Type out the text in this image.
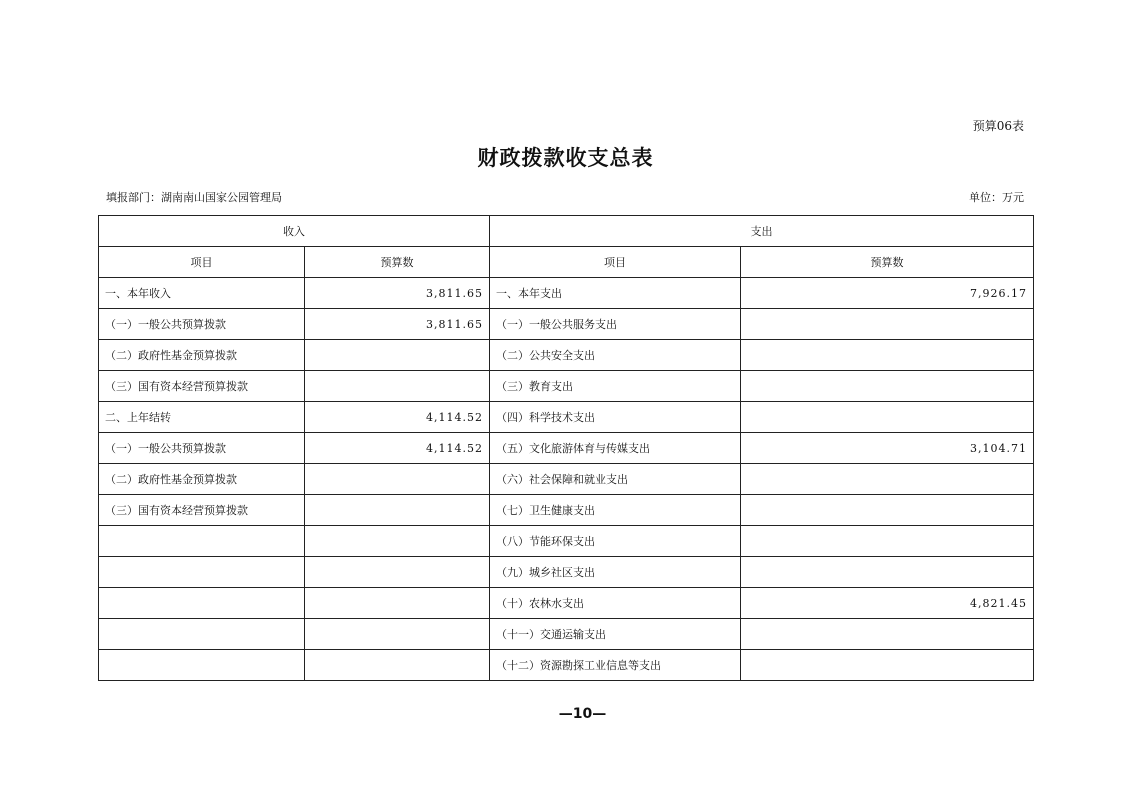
预算06表
财政拨款收支总表
填报部门：湖南南山国家公园管理局	单位：万元
收入		支出	
项目	预算数	项目	预算数
一、本年收入	3,811.65	一、本年支出	7,926.17
（一）一般公共预算拨款	3,811.65	（一）一般公共服务支出	
（二）政府性基金预算拨款		（二）公共安全支出	
（三）国有资本经营预算拨款		（三）教育支出	
二、上年结转	4,114.52	（四）科学技术支出	
（一）一般公共预算拨款	4,114.52	（五）文化旅游体育与传媒支出	3,104.71
（二）政府性基金预算拨款		（六）社会保障和就业支出	
（三）国有资本经营预算拨款		（七）卫生健康支出	
		（八）节能环保支出	
		（九）城乡社区支出	
		（十）农林水支出	4,821.45
		（十一）交通运输支出	
		（十二）资源勘探工业信息等支出	
—10—
